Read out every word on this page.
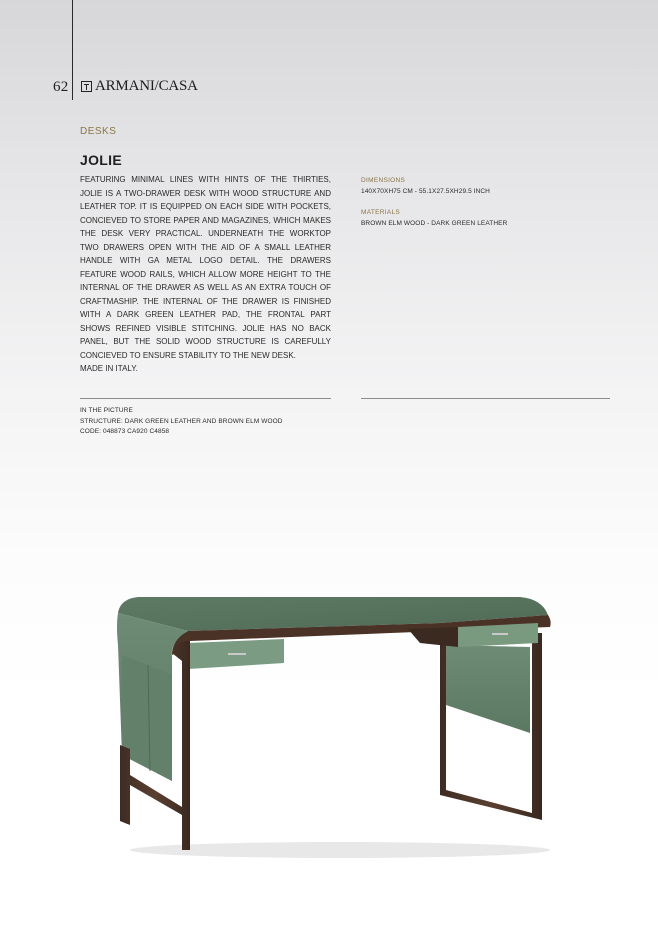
62 ARMANI/CASA
DESKS
JOLIE

FEATURING MINIMAL LINES WITH HINTS OF THE THIRTIES, JOLIE IS A TWO-DRAWER DESK WITH WOOD STRUCTURE AND LEATHER TOP. IT IS EQUIPPED ON EACH SIDE WITH POCKETS, CONCIEVED TO STORE PAPER AND MAGAZINES, WHICH MAKES THE DESK VERY PRACTICAL. UNDERNEATH THE WORKTOP TWO DRAWERS OPEN WITH THE AID OF A SMALL LEATHER HANDLE WITH GA METAL LOGO DETAIL. THE DRAWERS FEATURE WOOD RAILS, WHICH ALLOW MORE HEIGHT TO THE INTERNAL OF THE DRAWER AS WELL AS AN EXTRA TOUCH OF CRAFTMASHIP. THE INTERNAL OF THE DRAWER IS FINISHED WITH A DARK GREEN LEATHER PAD, THE FRONTAL PART SHOWS REFINED VISIBLE STITCHING. JOLIE HAS NO BACK PANEL, BUT THE SOLID WOOD STRUCTURE IS CAREFULLY CONCIEVED TO ENSURE STABILITY TO THE NEW DESK.
MADE IN ITALY.

DIMENSIONS
140X70XH75 CM - 55.1X27.5XH29.5 INCH
MATERIALS
BROWN ELM WOOD - DARK GREEN LEATHER
IN THE PICTURE
STRUCTURE: DARK GREEN LEATHER AND BROWN ELM WOOD
CODE: 048873 CA920 C4858
